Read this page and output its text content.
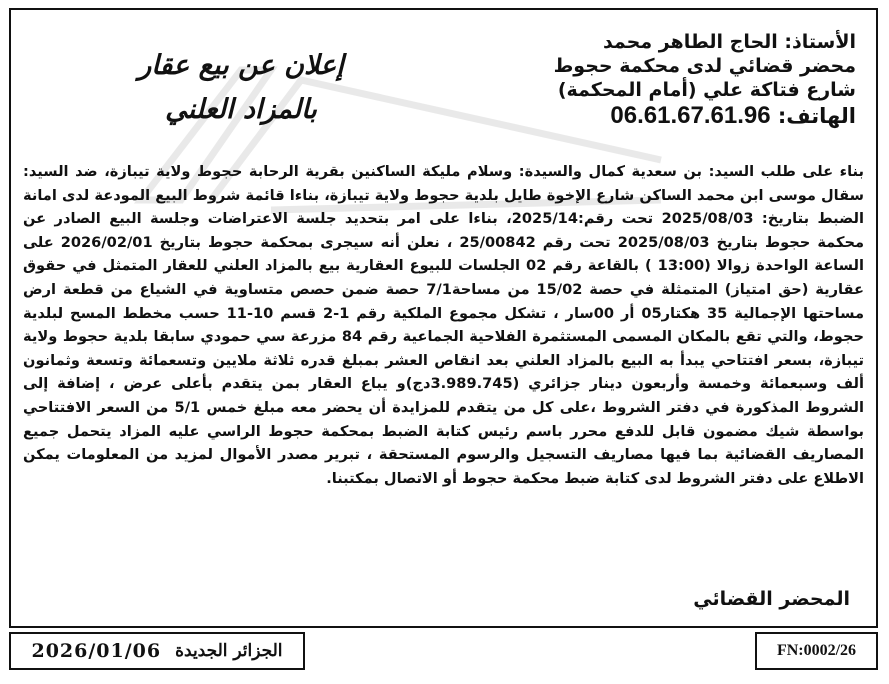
الأستاذ: الحاج الطاهر محمد
محضر قضائي لدى محكمة حجوط
شارع فتاكة علي (أمام المحكمة)
الهاتف: 06.61.67.61.96
إعلان عن بيع عقار
بالمزاد العلني
بناء على طلب السيد: بن سعدية كمال والسيدة: وسلام مليكة الساكنين بقرية الرحابة حجوط ولاية تيبازة، ضد السيد: سقال موسى ابن محمد الساكن شارع الإخوة طايل بلدية حجوط ولاية تيبازة، بناءا قائمة شروط البيع المودعة لدى امانة الضبط بتاريخ: 2025/08/03 تحت رقم:2025/14، بناءا على امر بتحديد جلسة الاعتراضات وجلسة البيع الصادر عن محكمة حجوط بتاريخ 2025/08/03 تحت رقم 25/00842 ، نعلن أنه سيجرى بمحكمة حجوط بتاريخ 2026/02/01 على الساعة الواحدة زوالا (13:00 ) بالقاعة رقم 02 الجلسات للبيوع العقارية بيع بالمزاد العلني للعقار المتمثل في حقوق عقارية (حق امتياز) المتمثلة في حصة 15/02 من مساحة7/1 حصة ضمن حصص متساوية في الشياع من قطعة ارض مساحتها الإجمالية 35 هكتار05 أر 00سار ، تشكل مجموع الملكية رقم 1-2 قسم 10-11 حسب مخطط المسح لبلدية حجوط، والتي تقع بالمكان المسمى المستثمرة الفلاحية الجماعية رقم 84 مزرعة سي حمودي سابقا بلدية حجوط ولاية تيبازة، بسعر افتتاحي يبدأ به البيع بالمزاد العلني بعد انقاص العشر بمبلغ قدره ثلاثة ملايين وتسعمائة وتسعة وثمانون ألف وسبعمائة وخمسة وأربعون دينار جزائري (3.989.745دج)و يباع العقار بمن يتقدم بأعلى عرض ، إضافة إلى الشروط المذكورة في دفتر الشروط ،على كل من يتقدم للمزايدة أن يحضر معه مبلغ خمس 5/1 من السعر الافتتاحي بواسطة شيك مضمون قابل للدفع محرر باسم رئيس كتابة الضبط بمحكمة حجوط الراسي عليه المزاد يتحمل جميع المصاريف القضائية بما فيها مصاريف التسجيل والرسوم المستحقة ، تبرير مصدر الأموال لمزيد من المعلومات يمكن الاطلاع على دفتر الشروط لدى كتابة ضبط محكمة حجوط أو الاتصال بمكتبنا.
المحضر القضائي
2026/01/06 الجزائر الجديدة	FN:0002/26
